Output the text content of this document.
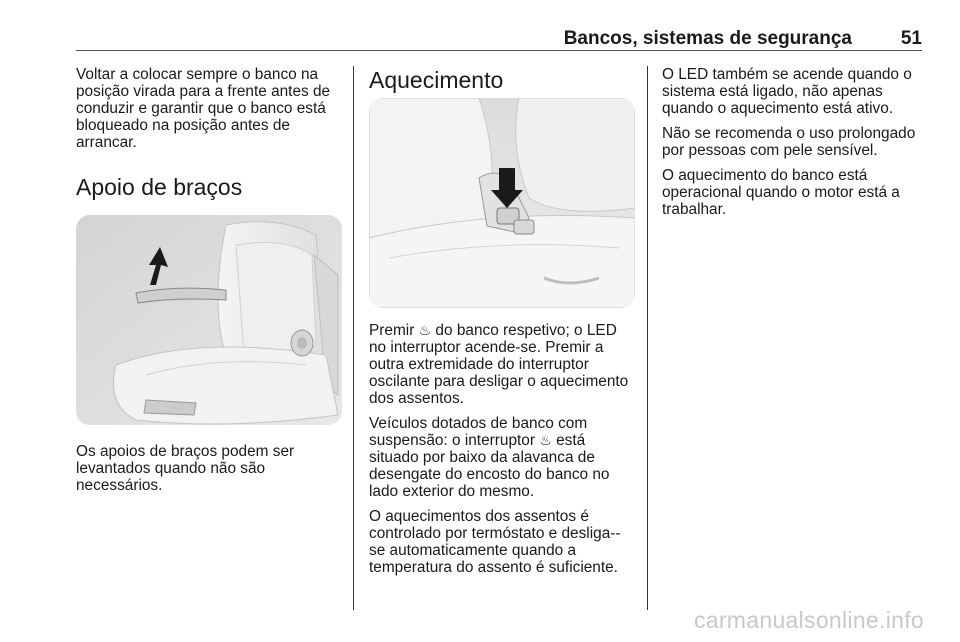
Bancos, sistemas de segurança	51

Voltar a colocar sempre o banco na posição virada para a frente antes de conduzir e garantir que o banco está bloqueado na posição antes de arrancar.

Apoio de braços

Os apoios de braços podem ser levantados quando não são necessários.

Aquecimento

Premir ♨ do banco respetivo; o LED no interruptor acende-se. Premir a outra extremidade do interruptor oscilante para desligar o aquecimento dos assentos.

Veículos dotados de banco com suspensão: o interruptor ♨ está situado por baixo da alavanca de desengate do encosto do banco no lado exterior do mesmo.

O aquecimentos dos assentos é controlado por termóstato e desliga--se automaticamente quando a temperatura do assento é suficiente.

O LED também se acende quando o sistema está ligado, não apenas quando o aquecimento está ativo.

Não se recomenda o uso prolongado por pessoas com pele sensível.

O aquecimento do banco está operacional quando o motor está a trabalhar.

carmanualsonline.info
